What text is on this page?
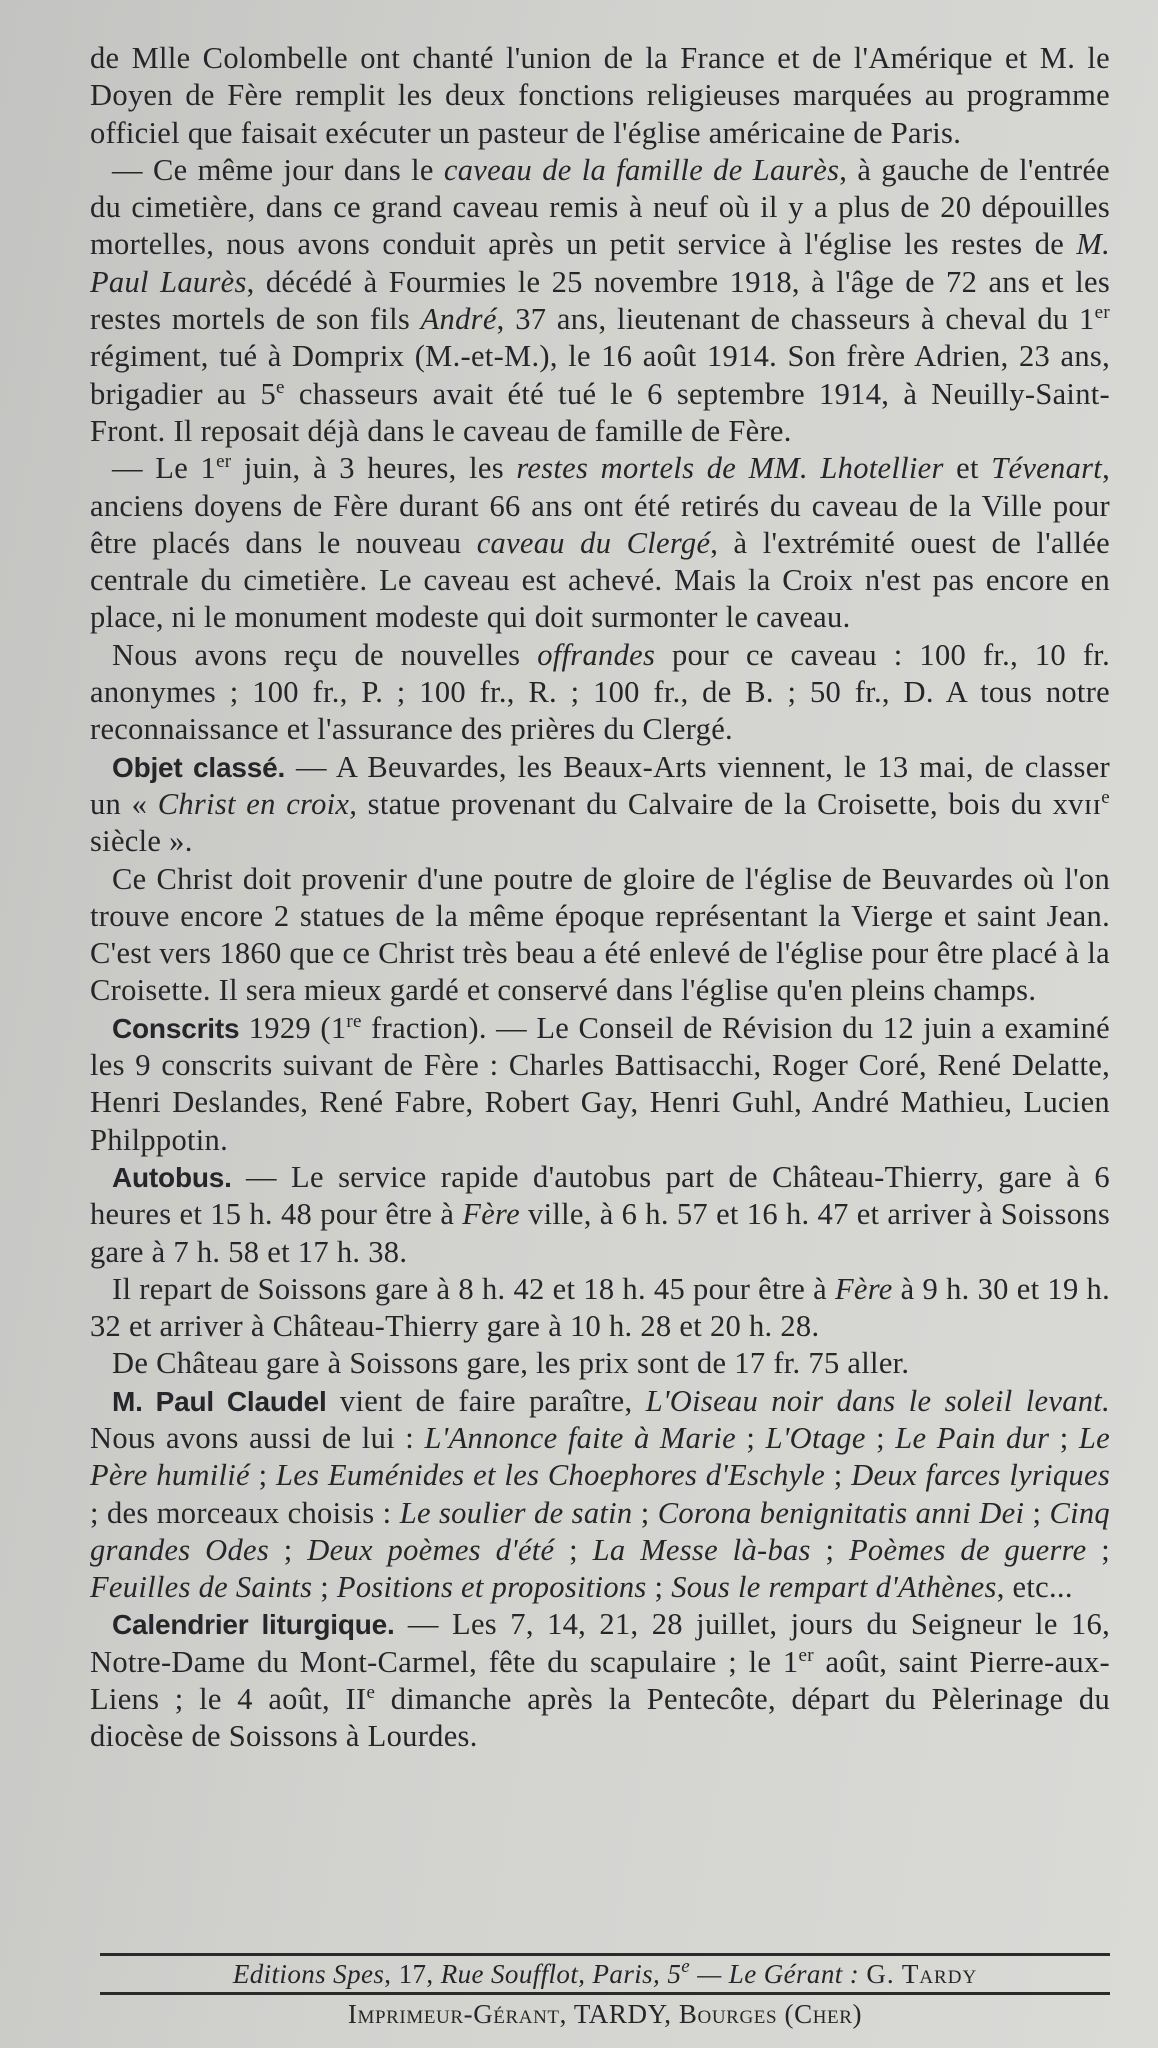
de Mlle Colombelle ont chanté l'union de la France et de l'Amérique et M. le Doyen de Fère remplit les deux fonctions religieuses marquées au programme officiel que faisait exécuter un pasteur de l'église américaine de Paris.

— Ce même jour dans le caveau de la famille de Laurès, à gauche de l'entrée du cimetière, dans ce grand caveau remis à neuf où il y a plus de 20 dépouilles mortelles, nous avons conduit après un petit service à l'église les restes de M. Paul Laurès, décédé à Fourmies le 25 novembre 1918, à l'âge de 72 ans et les restes mortels de son fils André, 37 ans, lieutenant de chasseurs à cheval du 1er régiment, tué à Domprix (M.-et-M.), le 16 août 1914. Son frère Adrien, 23 ans, brigadier au 5e chasseurs avait été tué le 6 septembre 1914, à Neuilly-Saint-Front. Il reposait déjà dans le caveau de famille de Fère.

— Le 1er juin, à 3 heures, les restes mortels de MM. Lhotellier et Tévenart, anciens doyens de Fère durant 66 ans ont été retirés du caveau de la Ville pour être placés dans le nouveau caveau du Clergé, à l'extrémité ouest de l'allée centrale du cimetière. Le caveau est achevé. Mais la Croix n'est pas encore en place, ni le monument modeste qui doit surmonter le caveau.

Nous avons reçu de nouvelles offrandes pour ce caveau : 100 fr., 10 fr. anonymes ; 100 fr., P. ; 100 fr., R. ; 100 fr., de B. ; 50 fr., D. A tous notre reconnaissance et l'assurance des prières du Clergé.

Objet classé. — A Beuvardes, les Beaux-Arts viennent, le 13 mai, de classer un « Christ en croix, statue provenant du Calvaire de la Croisette, bois du xvɪɪ$^e$ siècle ».

Ce Christ doit provenir d'une poutre de gloire de l'église de Beuvardes où l'on trouve encore 2 statues de la même époque représentant la Vierge et saint Jean. C'est vers 1860 que ce Christ très beau a été enlevé de l'église pour être placé à la Croisette. Il sera mieux gardé et conservé dans l'église qu'en pleins champs.

Conscrits 1929 (1re fraction). — Le Conseil de Révision du 12 juin a examiné les 9 conscrits suivant de Fère : Charles Battisacchi, Roger Coré, René Delatte, Henri Deslandes, René Fabre, Robert Gay, Henri Guhl, André Mathieu, Lucien Philppotin.

Autobus. — Le service rapide d'autobus part de Château-Thierry, gare à 6 heures et 15 h. 48 pour être à Fère ville, à 6 h. 57 et 16 h. 47 et arriver à Soissons gare à 7 h. 58 et 17 h. 38.

Il repart de Soissons gare à 8 h. 42 et 18 h. 45 pour être à Fère à 9 h. 30 et 19 h. 32 et arriver à Château-Thierry gare à 10 h. 28 et 20 h. 28.

De Château gare à Soissons gare, les prix sont de 17 fr. 75 aller.

M. Paul Claudel vient de faire paraître, L'Oiseau noir dans le soleil levant. Nous avons aussi de lui : L'Annonce faite à Marie ; L'Otage ; Le Pain dur ; Le Père humilié ; Les Euménides et les Choephores d'Eschyle ; Deux farces lyriques ; des morceaux choisis : Le soulier de satin ; Corona benignitatis anni Dei ; Cinq grandes Odes ; Deux poèmes d'été ; La Messe là-bas ; Poèmes de guerre ; Feuilles de Saints ; Positions et propositions ; Sous le rempart d'Athènes, etc...

Calendrier liturgique. — Les 7, 14, 21, 28 juillet, jours du Seigneur le 16, Notre-Dame du Mont-Carmel, fête du scapulaire ; le 1er août, saint Pierre-aux-Liens ; le 4 août, IIe dimanche après la Pentecôte, départ du Pèlerinage du diocèse de Soissons à Lourdes.

Editions Spes, 17, Rue Soufflot, Paris, 5e — Le Gérant : G. Tardy
Imprimeur-Gérant, TARDY, Bourges (Cher)
